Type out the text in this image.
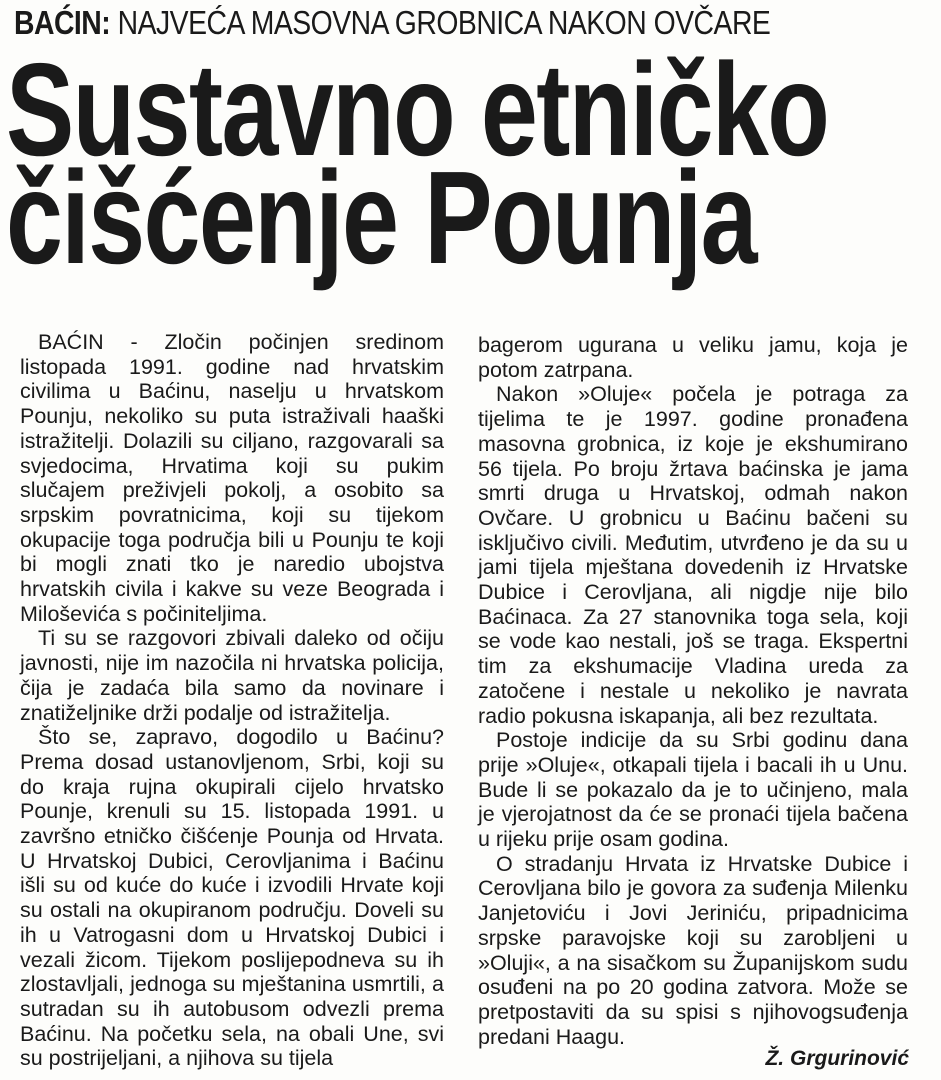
BAĆIN: NAJVEĆA MASOVNA GROBNICA NAKON OVČARE
Sustavno etničko
čišćenje Pounja

BAĆIN - Zločin počinjen sredinom listopada 1991. godine nad hrvatskim civilima u Baćinu, naselju u hrvatskom Pounju, nekoliko su puta istraživali haaški istražitelji. Dolazili su ciljano, razgovarali sa svjedocima, Hrvatima koji su pukim slučajem preživjeli pokolj, a osobito sa srpskim povratnicima, koji su tijekom okupacije toga područja bili u Pounju te koji bi mogli znati tko je naredio ubojstva hrvatskih civila i kakve su veze Beograda i Miloševića s počiniteljima.

Ti su se razgovori zbivali daleko od očiju javnosti, nije im nazočila ni hrvatska policija, čija je zadaća bila samo da novinare i znatiželjnike drži podalje od istražitelja.

Što se, zapravo, dogodilo u Baćinu? Prema dosad ustanovljenom, Srbi, koji su do kraja rujna okupirali cijelo hrvatsko Pounje, krenuli su 15. listopada 1991. u završno etničko čišćenje Pounja od Hrvata. U Hrvatskoj Dubici, Cerovljanima i Baćinu išli su od kuće do kuće i izvodili Hrvate koji su ostali na okupiranom području. Doveli su ih u Vatrogasni dom u Hrvatskoj Dubici i vezali žicom. Tijekom poslijepodneva su ih zlostavljali, jednoga su mještanina usmrtili, a sutradan su ih autobusom odvezli prema Baćinu. Na početku sela, na obali Une, svi su postrijeljani, a njihova su tijela

bagerom ugurana u veliku jamu, koja je potom zatrpana.

Nakon »Oluje« počela je potraga za tijelima te je 1997. godine pronađena masovna grobnica, iz koje je ekshumirano 56 tijela. Po broju žrtava baćinska je jama smrti druga u Hrvatskoj, odmah nakon Ovčare. U grobnicu u Baćinu bačeni su isključivo civili. Međutim, utvrđeno je da su u jami tijela mještana dovedenih iz Hrvatske Dubice i Cerovljana, ali nigdje nije bilo Baćinaca. Za 27 stanovnika toga sela, koji se vode kao nestali, još se traga. Ekspertni tim za ekshumacije Vladina ureda za zatočene i nestale u nekoliko je navrata radio pokusna iskapanja, ali bez rezultata.

Postoje indicije da su Srbi godinu dana prije »Oluje«, otkapali tijela i bacali ih u Unu. Bude li se pokazalo da je to učinjeno, mala je vjerojatnost da će se pronaći tijela bačena u rijeku prije osam godina.

O stradanju Hrvata iz Hrvatske Dubice i Cerovljana bilo je govora za suđenja Milenku Janjetoviću i Jovi Jeriniću, pripadnicima srpske paravojske koji su zarobljeni u »Oluji«, a na sisačkom su Županijskom sudu osuđeni na po 20 godina zatvora. Može se pretpostaviti da su spisi s njihovogsuđenja predani Haagu.

Ž. Grgurinović
